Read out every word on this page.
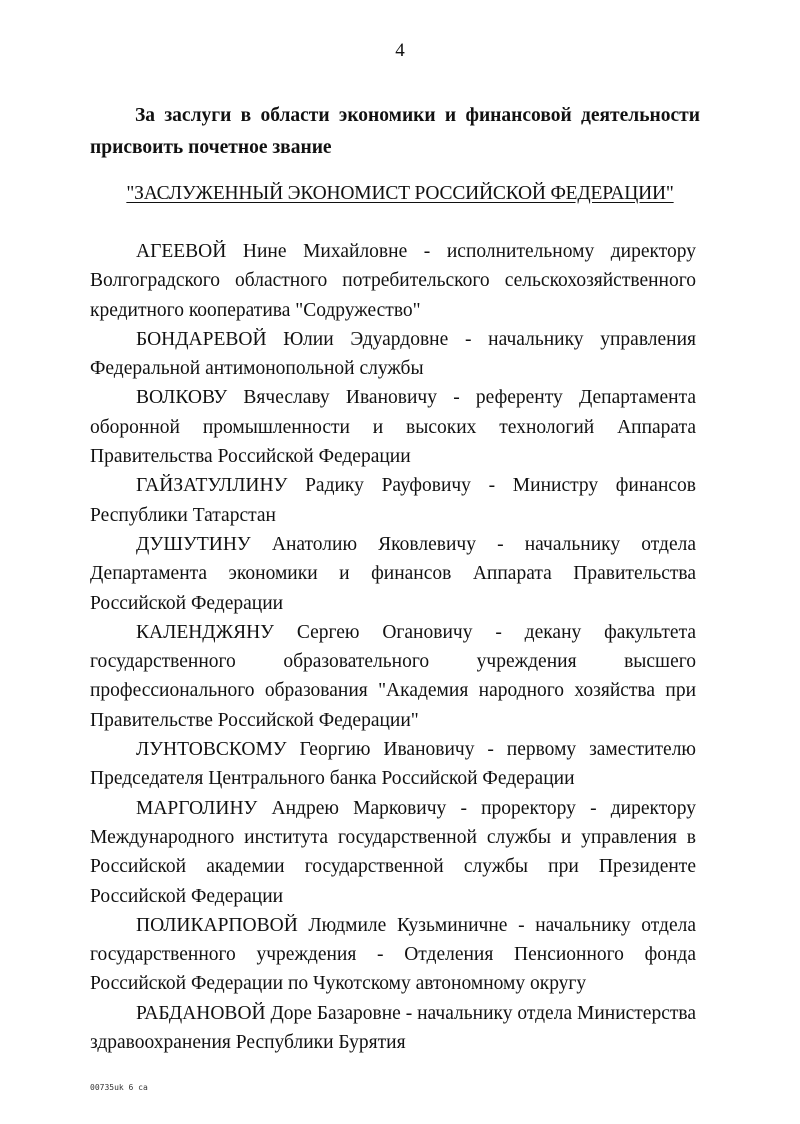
4
За заслуги в области экономики и финансовой деятельности присвоить почетное звание
"ЗАСЛУЖЕННЫЙ ЭКОНОМИСТ РОССИЙСКОЙ ФЕДЕРАЦИИ"

АГЕЕВОЙ Нине Михайловне - исполнительному директору Волгоградского областного потребительского сельскохозяйственного кредитного кооператива "Содружество"

БОНДАРЕВОЙ Юлии Эдуардовне - начальнику управления Федеральной антимонопольной службы

ВОЛКОВУ Вячеславу Ивановичу - референту Департамента оборонной промышленности и высоких технологий Аппарата Правительства Российской Федерации

ГАЙЗАТУЛЛИНУ Радику Рауфовичу - Министру финансов Республики Татарстан

ДУШУТИНУ Анатолию Яковлевичу - начальнику отдела Департамента экономики и финансов Аппарата Правительства Российской Федерации

КАЛЕНДЖЯНУ Сергею Огановичу - декану факультета государственного образовательного учреждения высшего профессионального образования "Академия народного хозяйства при Правительстве Российской Федерации"

ЛУНТОВСКОМУ Георгию Ивановичу - первому заместителю Председателя Центрального банка Российской Федерации

МАРГОЛИНУ Андрею Марковичу - проректору - директору Международного института государственной службы и управления в Российской академии государственной службы при Президенте Российской Федерации

ПОЛИКАРПОВОЙ Людмиле Кузьминичне - начальнику отдела государственного учреждения - Отделения Пенсионного фонда Российской Федерации по Чукотскому автономному округу

РАБДАНОВОЙ Доре Базаровне - начальнику отдела Министерства здравоохранения Республики Бурятия

00735uk 6 са
